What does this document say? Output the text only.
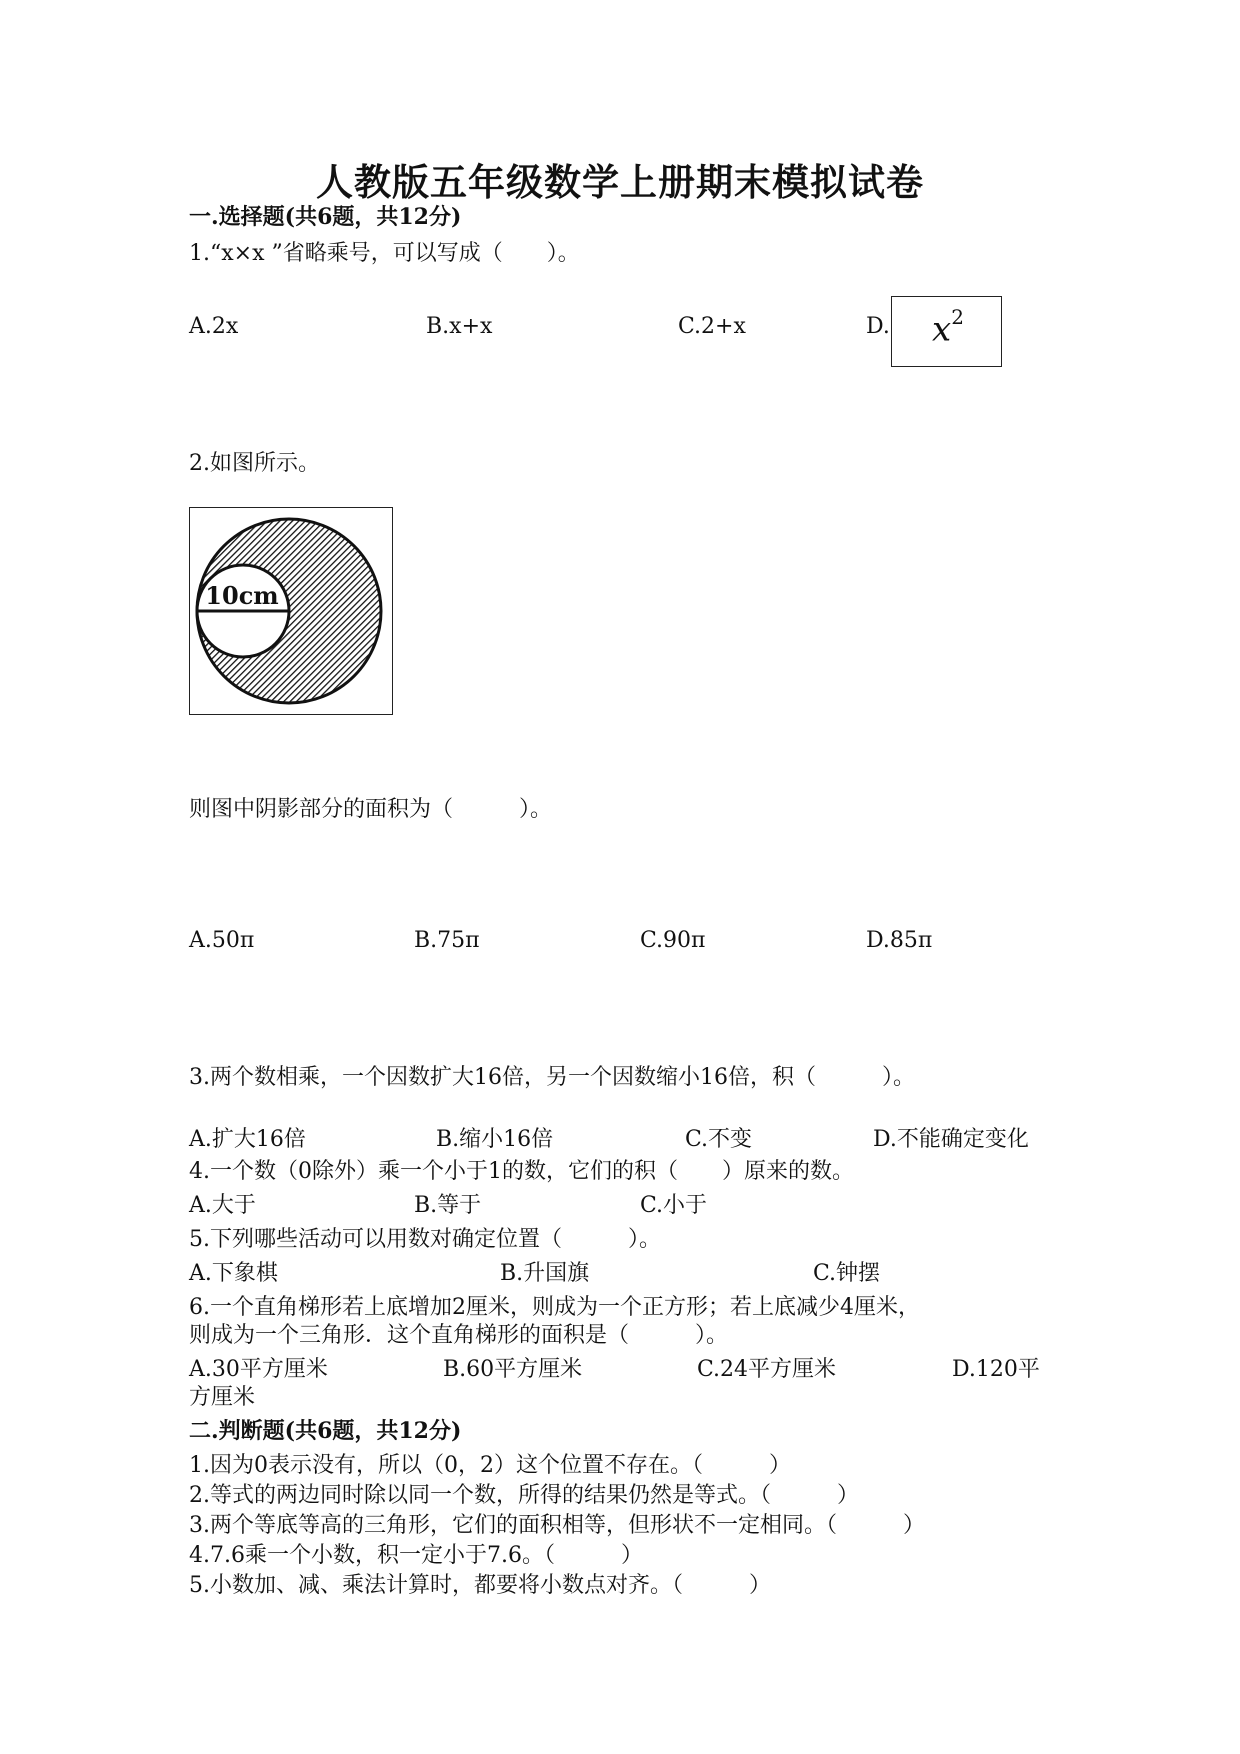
人教版五年级数学上册期末模拟试卷
一.选择题(共6题，共12分)
1.“x×x ”省略乘号，可以写成（　　）。
A.2x	B.x+x	C.2+x	D. $x^2$
2.如图所示。
10cm
则图中阴影部分的面积为（　　　）。
A.50π	B.75π	C.90π	D.85π
3.两个数相乘，一个因数扩大16倍，另一个因数缩小16倍，积（　　　）。
A.扩大16倍	B.缩小16倍	C.不变	D.不能确定变化
4.一个数（0除外）乘一个小于1的数，它们的积（　　）原来的数。
A.大于	B.等于	C.小于
5.下列哪些活动可以用数对确定位置（　　　）。
A.下象棋	B.升国旗	C.钟摆
6.一个直角梯形若上底增加2厘米，则成为一个正方形；若上底减少4厘米，
则成为一个三角形．这个直角梯形的面积是（　　　）。
A.30平方厘米	B.60平方厘米	C.24平方厘米	D.120平
方厘米
二.判断题(共6题，共12分)
1.因为0表示没有，所以（0，2）这个位置不存在。（　　　）
2.等式的两边同时除以同一个数，所得的结果仍然是等式。（　　　）
3.两个等底等高的三角形，它们的面积相等，但形状不一定相同。（　　　）
4.7.6乘一个小数，积一定小于7.6。（　　　）
5.小数加、减、乘法计算时，都要将小数点对齐。（　　　）
